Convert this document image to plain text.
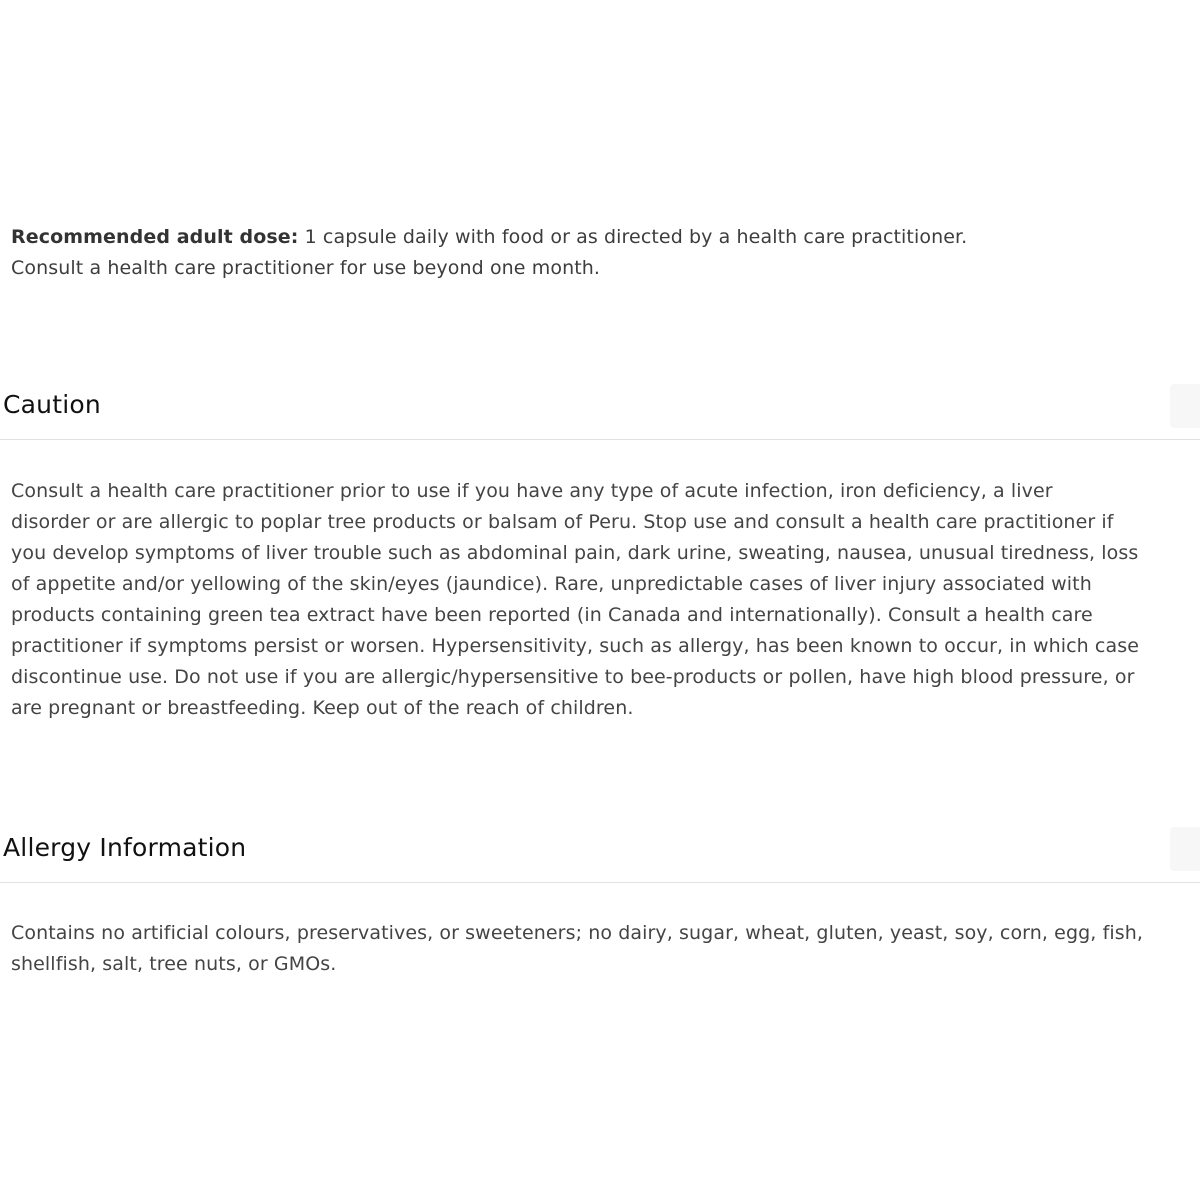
Recommended adult dose: 1 capsule daily with food or as directed by a health care practitioner.
Consult a health care practitioner for use beyond one month.
Caution

Consult a health care practitioner prior to use if you have any type of acute infection, iron deficiency, a liver
disorder or are allergic to poplar tree products or balsam of Peru. Stop use and consult a health care practitioner if
you develop symptoms of liver trouble such as abdominal pain, dark urine, sweating, nausea, unusual tiredness, loss
of appetite and/or yellowing of the skin/eyes (jaundice). Rare, unpredictable cases of liver injury associated with
products containing green tea extract have been reported (in Canada and internationally). Consult a health care
practitioner if symptoms persist or worsen. Hypersensitivity, such as allergy, has been known to occur, in which case
discontinue use. Do not use if you are allergic/hypersensitive to bee-products or pollen, have high blood pressure, or
are pregnant or breastfeeding. Keep out of the reach of children.

Allergy Information

Contains no artificial colours, preservatives, or sweeteners; no dairy, sugar, wheat, gluten, yeast, soy, corn, egg, fish,
shellfish, salt, tree nuts, or GMOs.
